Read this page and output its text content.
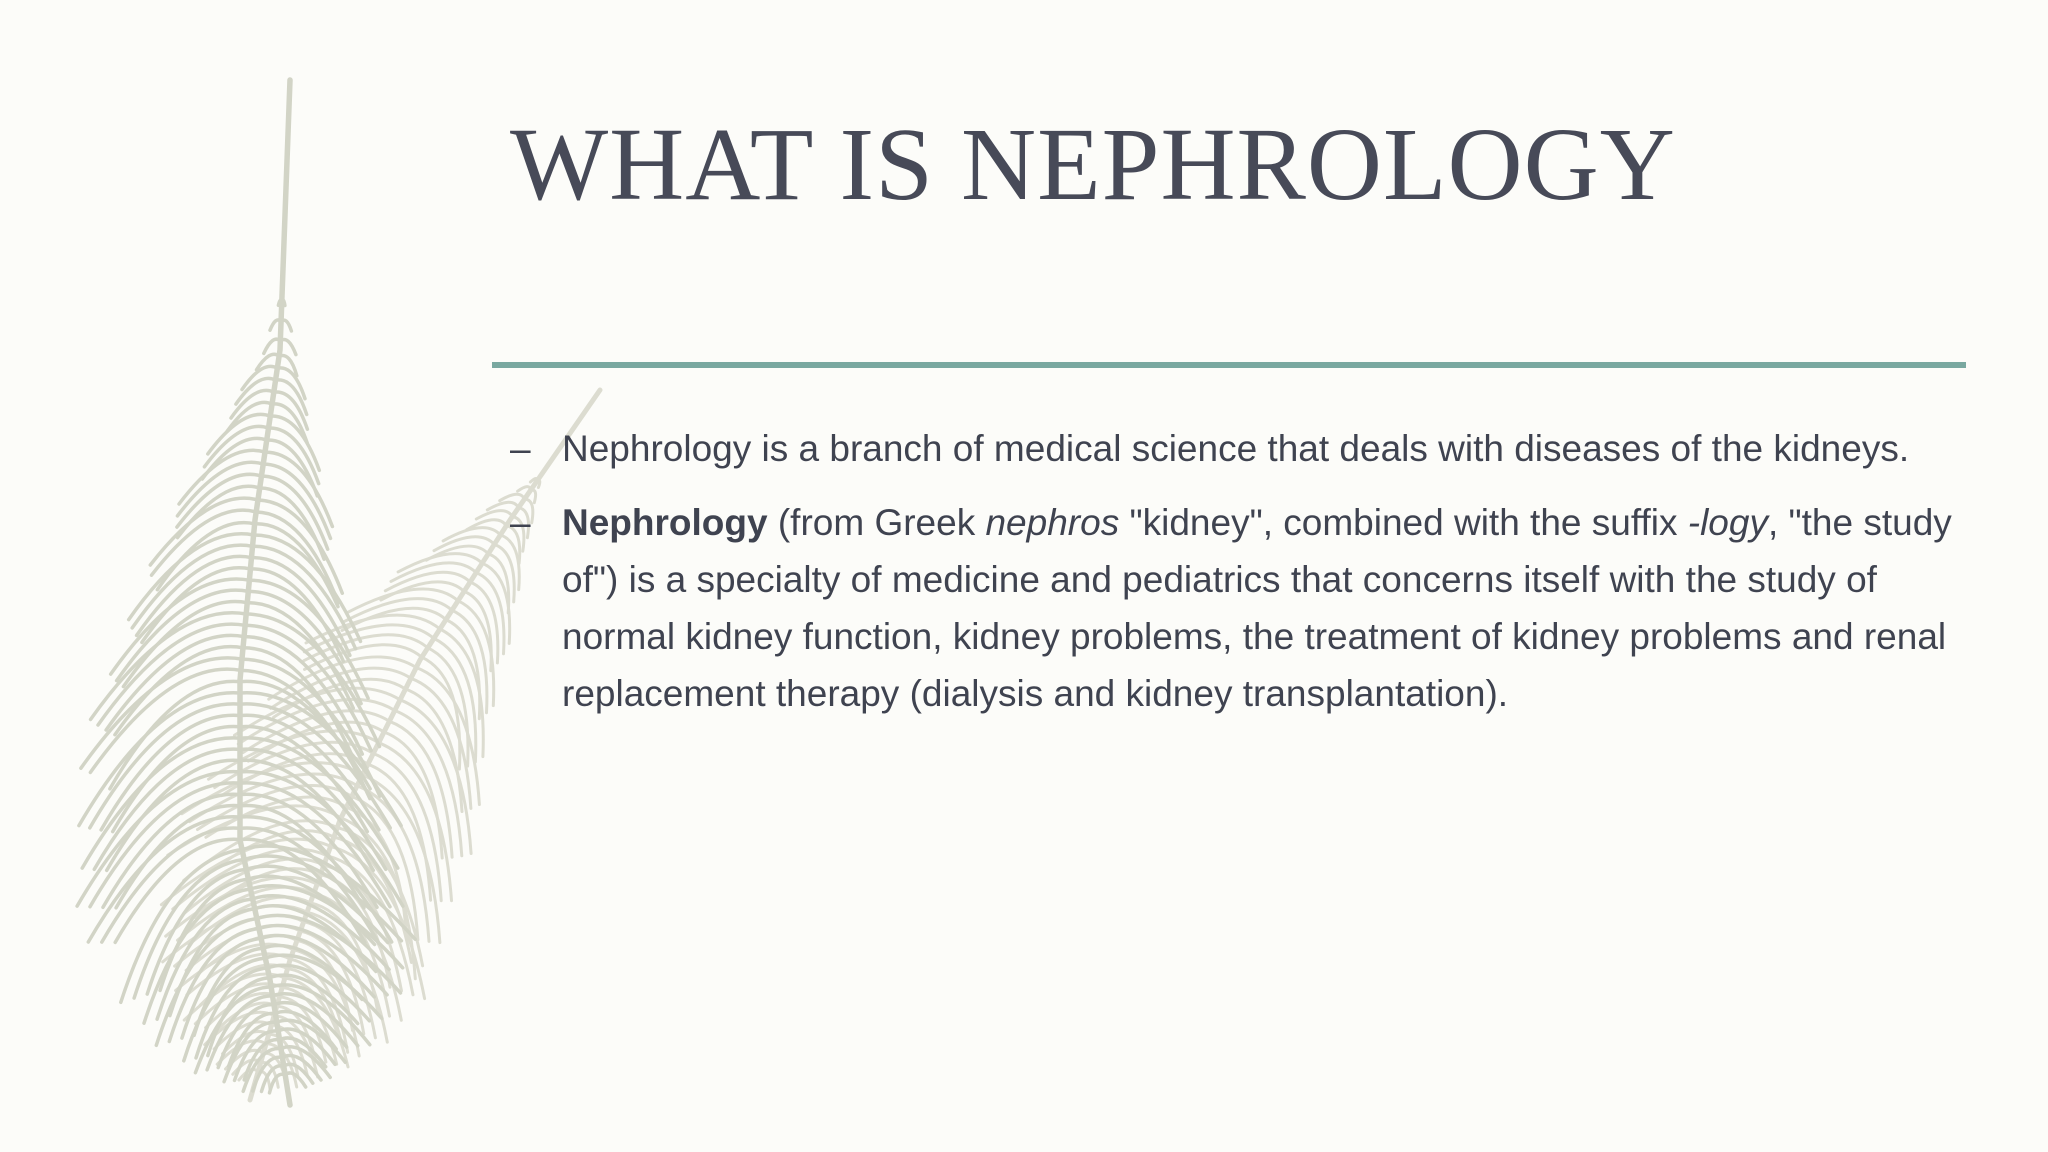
WHAT IS NEPHROLOGY
– Nephrology is a branch of medical science that deals with diseases of the kidneys.
– Nephrology (from Greek nephros "kidney", combined with the suffix -logy, "the study of") is a specialty of medicine and pediatrics that concerns itself with the study of normal kidney function, kidney problems, the treatment of kidney problems and renal replacement therapy (dialysis and kidney transplantation).
